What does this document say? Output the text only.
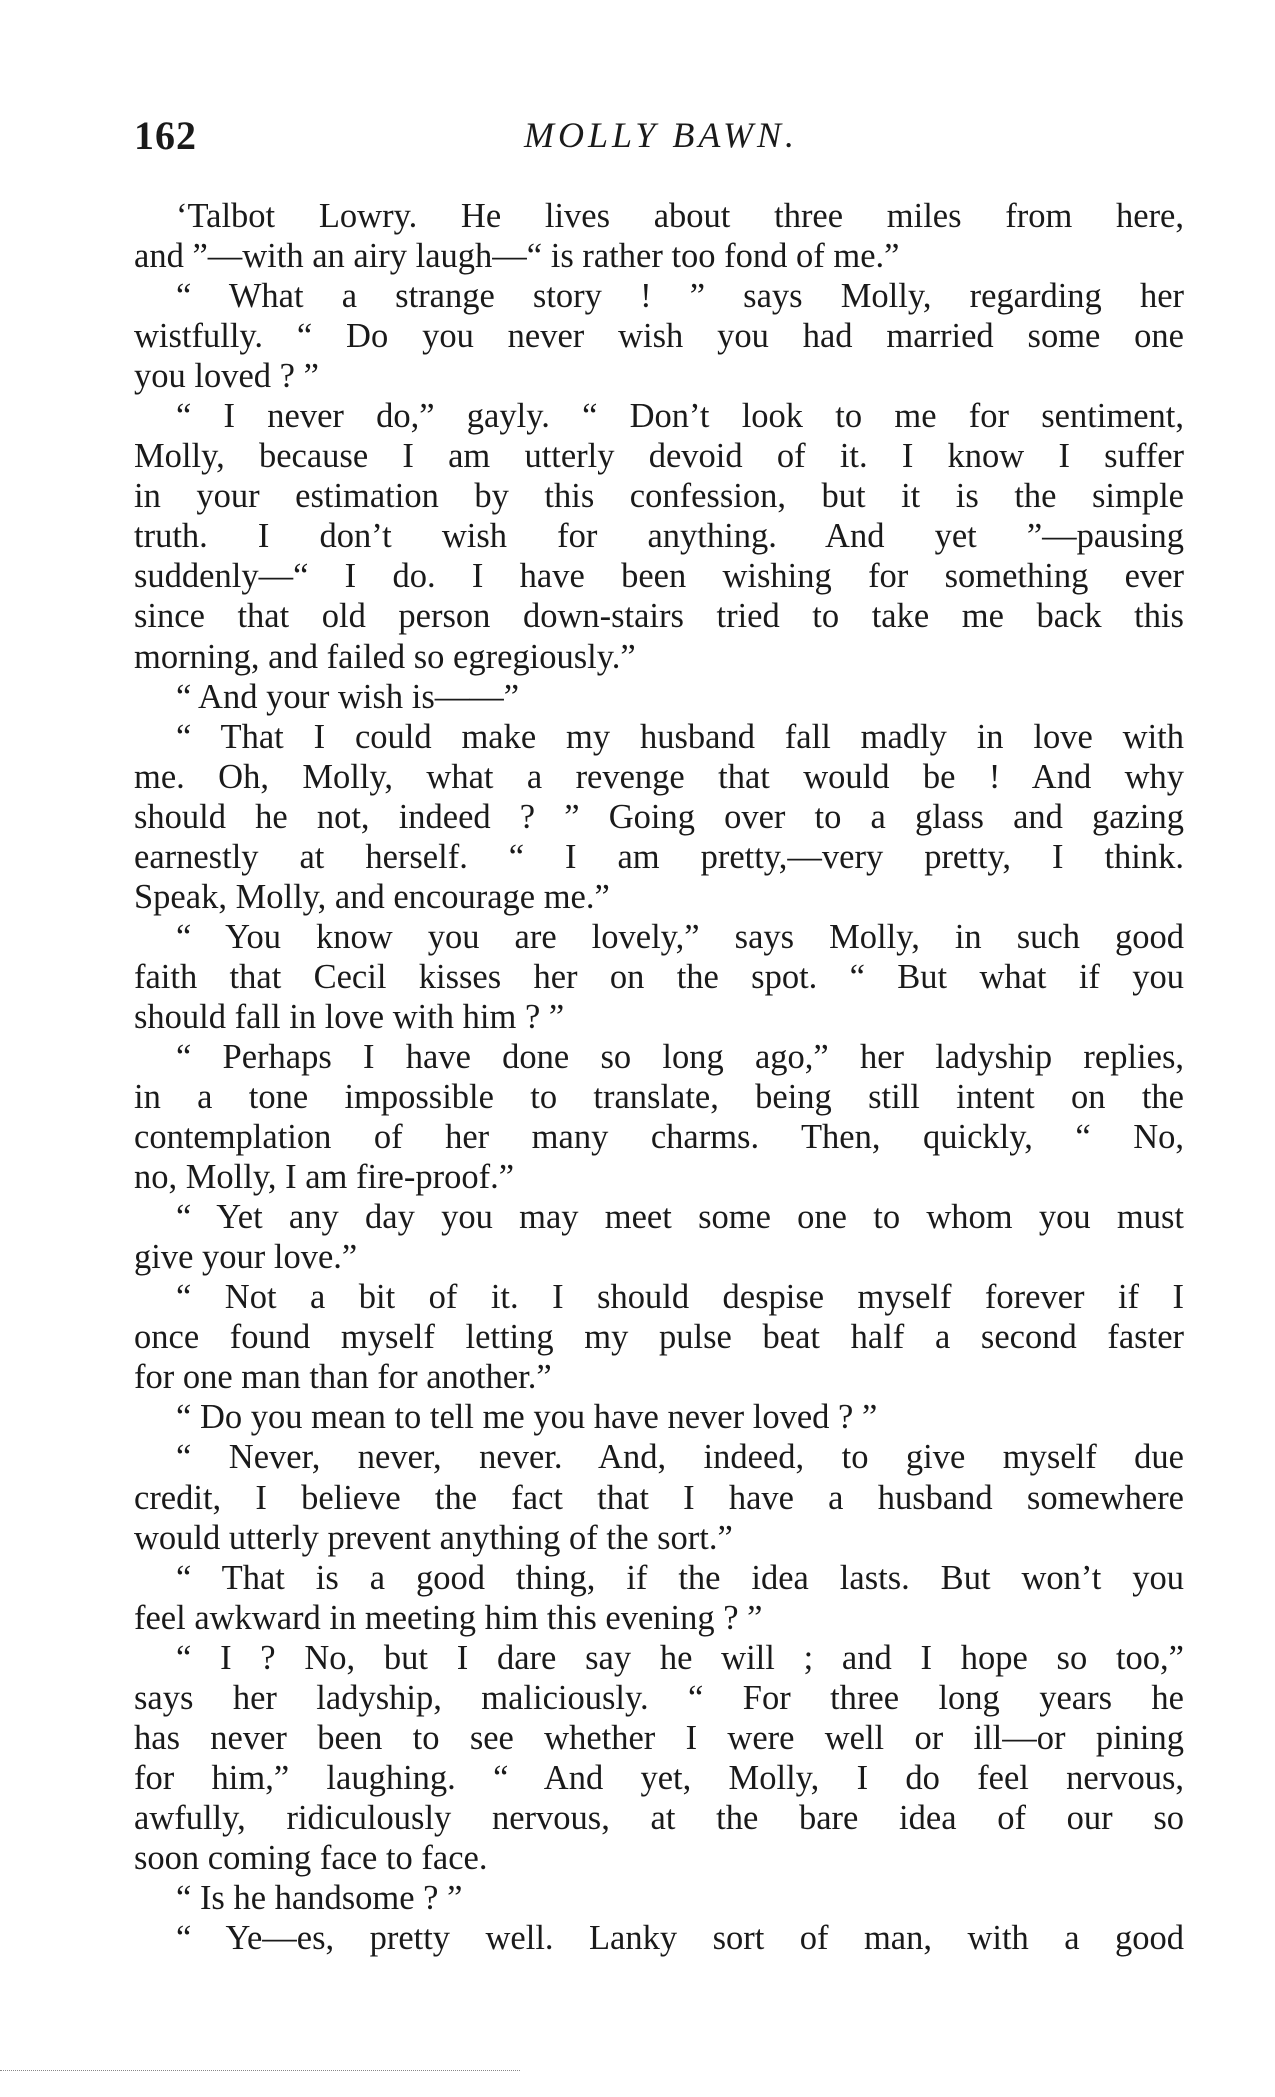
162	MOLLY BAWN.
‘Talbot Lowry. He lives about three miles from here,
and ”—with an airy laugh—“ is rather too fond of me.”
“ What a strange story ! ” says Molly, regarding her
wistfully. “ Do you never wish you had married some one
you loved ? ”
“ I never do,” gayly. “ Don’t look to me for sentiment,
Molly, because I am utterly devoid of it. I know I suffer
in your estimation by this confession, but it is the simple
truth. I don’t wish for anything. And yet ”—pausing
suddenly—“ I do. I have been wishing for something ever
since that old person down-stairs tried to take me back this
morning, and failed so egregiously.”
“ And your wish is——”
“ That I could make my husband fall madly in love with
me. Oh, Molly, what a revenge that would be ! And why
should he not, indeed ? ” Going over to a glass and gazing
earnestly at herself. “ I am pretty,—very pretty, I think.
Speak, Molly, and encourage me.”
“ You know you are lovely,” says Molly, in such good
faith that Cecil kisses her on the spot. “ But what if you
should fall in love with him ? ”
“ Perhaps I have done so long ago,” her ladyship replies,
in a tone impossible to translate, being still intent on the
contemplation of her many charms. Then, quickly, “ No,
no, Molly, I am fire-proof.”
“ Yet any day you may meet some one to whom you must
give your love.”
“ Not a bit of it. I should despise myself forever if I
once found myself letting my pulse beat half a second faster
for one man than for another.”
“ Do you mean to tell me you have never loved ? ”
“ Never, never, never. And, indeed, to give myself due
credit, I believe the fact that I have a husband somewhere
would utterly prevent anything of the sort.”
“ That is a good thing, if the idea lasts. But won’t you
feel awkward in meeting him this evening ? ”
“ I ? No, but I dare say he will ; and I hope so too,”
says her ladyship, maliciously. “ For three long years he
has never been to see whether I were well or ill—or pining
for him,” laughing. “ And yet, Molly, I do feel nervous,
awfully, ridiculously nervous, at the bare idea of our so
soon coming face to face.
“ Is he handsome ? ”
“ Ye—es, pretty well. Lanky sort of man, with a good
